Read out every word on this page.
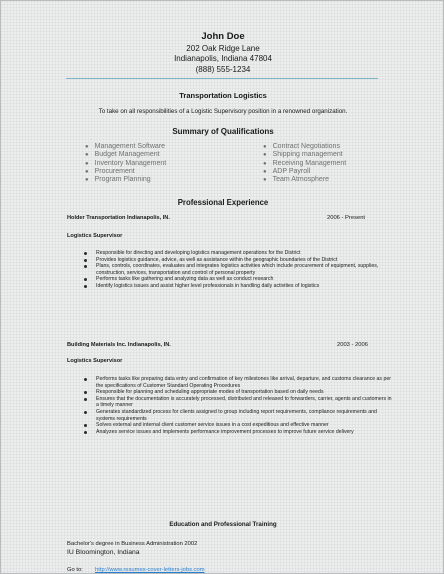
John Doe
202 Oak Ridge Lane
Indianapolis, Indiana 47804
(888) 555-1234
Transportation Logistics
To take on all responsibilities of a Logistic Supervisory position in a renowned organization.
Summary of Qualifications
● Management Software
● Budget Management
● Inventory Management
● Procurement
● Program Planning
● Contract Negotiations
● Shipping management
● Receiving Management
● ADP Payroll
● Team Atmosphere
Professional Experience
Holder Transportation Indianapolis, IN.	2006 - Present
Logistics Supervisor
Responsible for directing and developing logistics management operations for the District
Provides logistics guidance, advice, as well as assistance within the geographic boundaries of the District
Plans, controls, coordinates, evaluates and integrates logistics activities which include procurement of equipment, supplies, construction, services, transportation and control of personal property
Performs tasks like gathering and analyzing data as well as conduct research
Identify logistics issues and assist higher level professionals in handling daily activities of logistics
Building Materials Inc. Indianapolis, IN.	2003 - 2006
Logistics Supervisor
Performs tasks like preparing data entry and confirmation of key milestones like arrival, departure, and customs clearance as per the specifications of Customer Standard Operating Procedures
Responsible for planning and scheduling appropriate modes of transportation based on daily needs
Ensures that the documentation is accurately processed, distributed and released to forwarders, carrier, agents and customers in a timely manner
Generates standardized process for clients assigned to group including report requirements, compliance requirements and systems requirements
Solves external and internal client customer service issues in a cost expeditious and effective manner
Analyzes service issues and implements performance improvement processes to improve future service delivery
Education and Professional Training
Bachelor's degree in Business Administration 2002
IU Bloomington, Indiana
Go to: http://www.resumes-cover-letters-jobs.com
